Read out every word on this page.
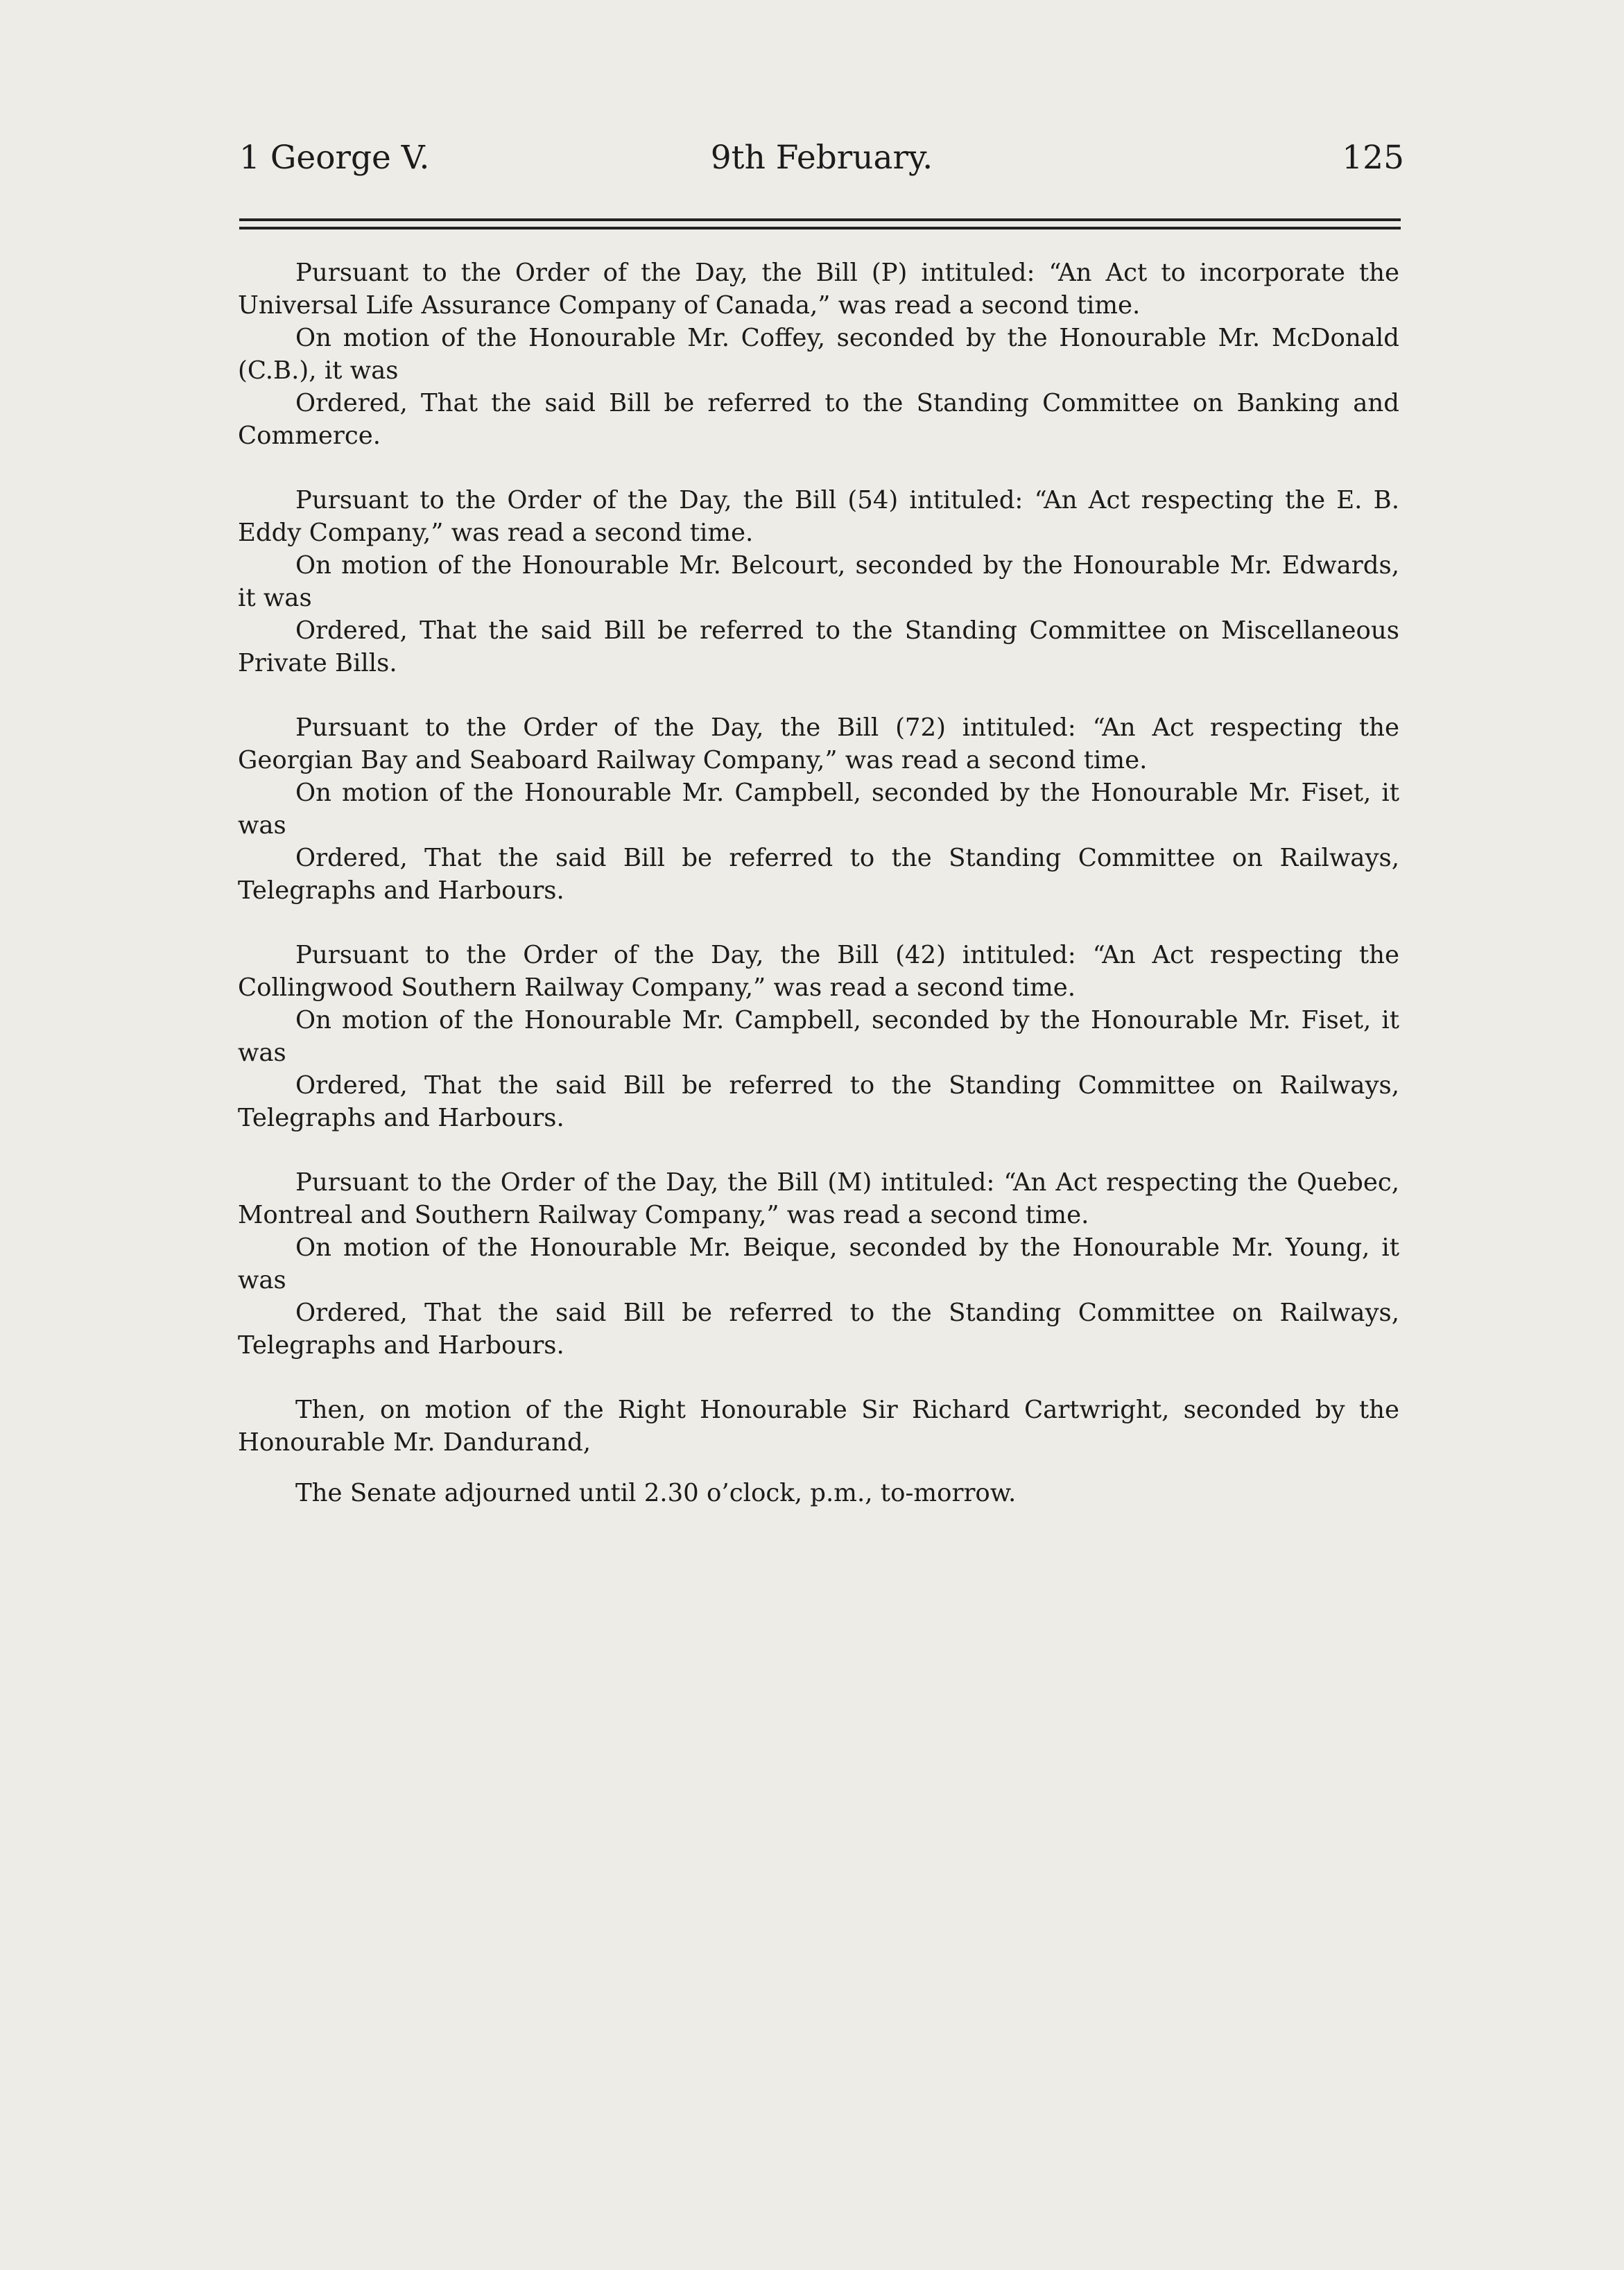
1 George V.	9th February.	125

Pursuant to the Order of the Day, the Bill (P) intituled: “An Act to incorporate the Universal Life Assurance Company of Canada,” was read a second time.

On motion of the Honourable Mr. Coffey, seconded by the Honourable Mr. McDonald (C.B.), it was

Ordered, That the said Bill be referred to the Standing Committee on Banking and Commerce.

Pursuant to the Order of the Day, the Bill (54) intituled: “An Act respecting the E. B. Eddy Company,” was read a second time.

On motion of the Honourable Mr. Belcourt, seconded by the Honourable Mr. Edwards, it was

Ordered, That the said Bill be referred to the Standing Committee on Miscellaneous Private Bills.

Pursuant to the Order of the Day, the Bill (72) intituled: “An Act respecting the Georgian Bay and Seaboard Railway Company,” was read a second time.

On motion of the Honourable Mr. Campbell, seconded by the Honourable Mr. Fiset, it was

Ordered, That the said Bill be referred to the Standing Committee on Railways, Telegraphs and Harbours.

Pursuant to the Order of the Day, the Bill (42) intituled: “An Act respecting the Collingwood Southern Railway Company,” was read a second time.

On motion of the Honourable Mr. Campbell, seconded by the Honourable Mr. Fiset, it was

Ordered, That the said Bill be referred to the Standing Committee on Railways, Telegraphs and Harbours.

Pursuant to the Order of the Day, the Bill (M) intituled: “An Act respecting the Quebec, Montreal and Southern Railway Company,” was read a second time.

On motion of the Honourable Mr. Beique, seconded by the Honourable Mr. Young, it was

Ordered, That the said Bill be referred to the Standing Committee on Railways, Telegraphs and Harbours.

Then, on motion of the Right Honourable Sir Richard Cartwright, seconded by the Honourable Mr. Dandurand,

The Senate adjourned until 2.30 o’clock, p.m., to-morrow.
